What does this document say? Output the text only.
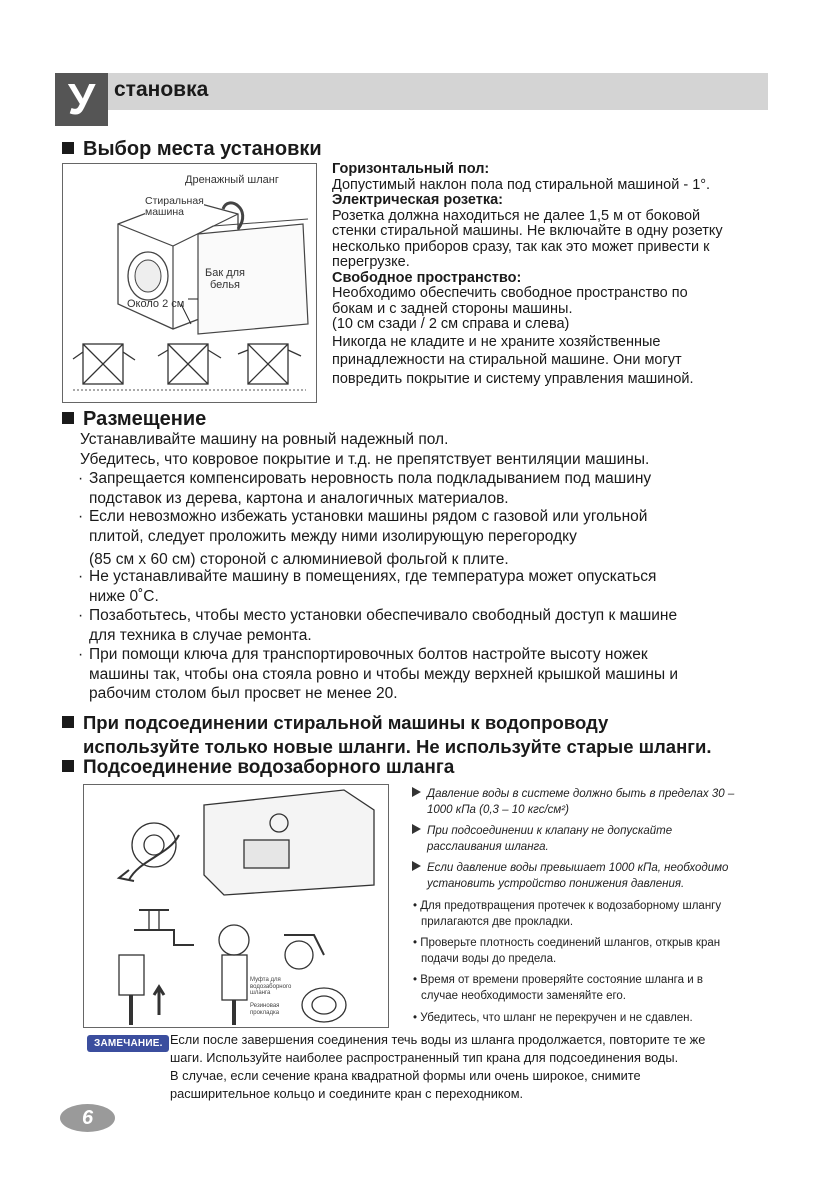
У становка
Выбор места установки
Дренажный шланг
Стиральная
машина
Бак для
белья
Около 2 см
Горизонтальный пол:
Допустимый наклон пола под стиральной машиной - 1°.
Электрическая розетка:
Розетка должна находиться не далее 1,5 м от боковой
стенки стиральной машины. Не включайте в одну розетку
несколько приборов сразу, так как это может привести к
перегрузке.
Свободное пространство:
Необходимо обеспечить свободное пространство по
бокам и с задней стороны машины.
(10 см сзади / 2 см справа и слева)
Никогда не кладите и не храните хозяйственные
принадлежности на стиральной машине. Они могут
повредить покрытие и систему управления машиной.
Размещение
Устанавливайте машину на ровный надежный пол.
Убедитесь, что ковровое покрытие и т.д. не препятствует вентиляции машины.
· Запрещается компенсировать неровность пола подкладыванием под машину
подставок из дерева, картона и аналогичных материалов.
· Если невозможно избежать установки машины рядом с газовой или угольной
плитой, следует проложить между ними изолирующую перегородку
(85 см х 60 см) стороной с алюминиевой фольгой к плите.
· Не устанавливайте машину в помещениях, где температура может опускаться
ниже 0˚С.
· Позаботьтесь, чтобы место установки обеспечивало свободный доступ к машине
для техника в случае ремонта.
· При помощи ключа для транспортировочных болтов настройте высоту ножек
машины так, чтобы она стояла ровно и чтобы между верхней крышкой машины и
рабочим столом был просвет не менее 20.
При подсоединении стиральной машины к водопроводу
используйте только новые шланги. Не используйте старые шланги.
Подсоединение водозаборного шланга
Муфта для
водозаборного
шланга
Резиновая
прокладка
Давление воды в системе должно быть в пределах 30 –
1000 кПа (0,3 – 10 кгс/см²)
При подсоединении к клапану не допускайте
расслаивания шланга.
Если давление воды превышает 1000 кПа, необходимо
установить устройство понижения давления.
• Для предотвращения протечек к водозаборному шлангу
прилагаются две прокладки.
• Проверьте плотность соединений шлангов, открыв кран
подачи воды до предела.
• Время от времени проверяйте состояние шланга и в
случае необходимости заменяйте его.
• Убедитесь, что шланг не перекручен и не сдавлен.
ЗАМЕЧАНИЕ. Если после завершения соединения течь воды из шланга продолжается, повторите те же
шаги. Используйте наиболее распространенный тип крана для подсоединения воды.
В случае, если сечение крана квадратной формы или очень широкое, снимите
расширительное кольцо и соедините кран с переходником.
6
